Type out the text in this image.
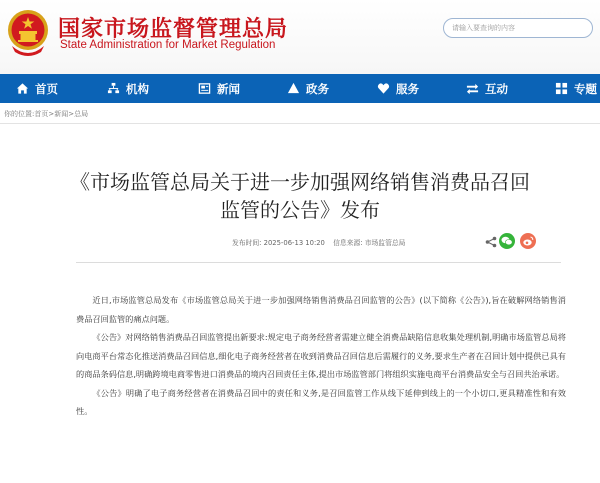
国家市场监督管理总局
State Administration for Market Regulation
请输入要查询的内容
首页	机构	新闻	政务	服务	互动	专题
你的位置:首页>新闻>总局
《市场监管总局关于进一步加强网络销售消费品召回监管的公告》发布
发布时间: 2025-06-13 10:20 信息来源: 市场监管总局

近日,市场监管总局发布《市场监管总局关于进一步加强网络销售消费品召回监管的公告》(以下简称《公告》),旨在破解网络销售消费品召回监管的痛点问题。

《公告》对网络销售消费品召回监管提出新要求:规定电子商务经营者需建立健全消费品缺陷信息收集处理机制,明确市场监管总局将向电商平台常态化推送消费品召回信息,细化电子商务经营者在收到消费品召回信息后需履行的义务,要求生产者在召回计划中提供已具有的商品条码信息,明确跨境电商零售进口消费品的境内召回责任主体,提出市场监管部门将组织实施电商平台消费品安全与召回共治承诺。

《公告》明确了电子商务经营者在消费品召回中的责任和义务,是召回监管工作从线下延伸到线上的一个小切口,更具精准性和有效性。
